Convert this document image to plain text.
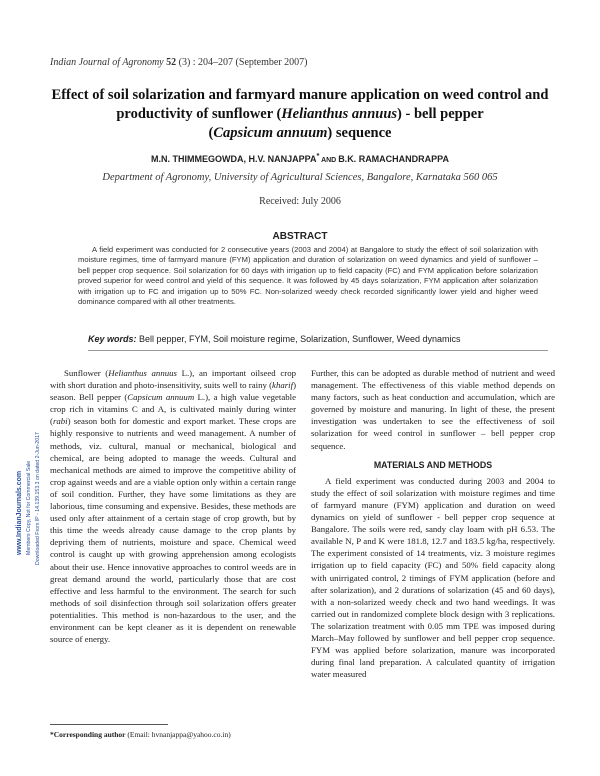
Indian Journal of Agronomy 52 (3) : 204–207 (September 2007)
Effect of soil solarization and farmyard manure application on weed control and
productivity of sunflower (Helianthus annuus) - bell pepper
(Capsicum annuum) sequence
M.N. THIMMEGOWDA, H.V. NANJAPPA* AND B.K. RAMACHANDRAPPA
Department of Agronomy, University of Agricultural Sciences, Bangalore, Karnataka 560 065
Received: July 2006
ABSTRACT
A field experiment was conducted for 2 consecutive years (2003 and 2004) at Bangalore to study the effect of soil solarization with moisture regimes, time of farmyard manure (FYM) application and duration of solarization on weed dynamics and yield of sunflower – bell pepper crop sequence. Soil solarization for 60 days with irrigation up to field capacity (FC) and FYM application before solarization proved superior for weed control and yield of this sequence. It was followed by 45 days solarization, FYM application after solarization with irrigation up to FC and irrigation up to 50% FC. Non-solarized weedy check recorded significantly lower yield and higher weed dominance compared with all other treatments.
Key words: Bell pepper, FYM, Soil moisture regime, Solarization, Sunflower, Weed dynamics
www.IndianJournals.com Members Copy, Not for Commercial Sale Downloaded From IP - 14.139.153.3 on dated 2-Jun-2017

Sunflower (Helianthus annuus L.), an important oilseed crop with short duration and photo-insensitivity, suits well to rainy (kharif) season. Bell pepper (Capsicum annuum L.), a high value vegetable crop rich in vitamins C and A, is cultivated mainly during winter (rabi) season both for domestic and export market. These crops are highly responsive to nutrients and weed management. A number of methods, viz. cultural, manual or mechanical, biological and chemical, are being adopted to manage the weeds. Cultural and mechanical methods are aimed to improve the competitive ability of crop against weeds and are a viable option only within a certain range of soil condition. Further, they have some limitations as they are laborious, time consuming and expensive. Besides, these methods are used only after attainment of a certain stage of crop growth, but by this time the weeds already cause damage to the crop plants by depriving them of nutrients, moisture and space. Chemical weed control is caught up with growing apprehension among ecologists about their use. Hence innovative approaches to control weeds are in great demand around the world, particularly those that are cost effective and less harmful to the environment. The search for such methods of soil disinfection through soil solarization offers greater potentialities. This method is non-hazardous to the user, and the environment can be kept cleaner as it is dependent on renewable source of energy.

Further, this can be adopted as durable method of nutrient and weed management. The effectiveness of this viable method depends on many factors, such as heat conduction and accumulation, which are governed by moisture and manuring. In light of these, the present investigation was undertaken to see the effectiveness of soil solarization for weed control in sunflower – bell pepper crop sequence.

MATERIALS AND METHODS

A field experiment was conducted during 2003 and 2004 to study the effect of soil solarization with moisture regimes and time of farmyard manure (FYM) application and duration on weed dynamics on yield of sunflower - bell pepper crop sequence at Bangalore. The soils were red, sandy clay loam with pH 6.53. The available N, P and K were 181.8, 12.7 and 183.5 kg/ha, respectively. The experiment consisted of 14 treatments, viz. 3 moisture regimes irrigation up to field capacity (FC) and 50% field capacity along with unirrigated control, 2 timings of FYM application (before and after solarization), and 2 durations of solarization (45 and 60 days), with a non-solarized weedy check and two hand weedings. It was carried out in randomized complete block design with 3 replications. The solarization treatment with 0.05 mm TPE was imposed during March–May followed by sunflower and bell pepper crop sequence. FYM was applied before solarization, manure was incorporated during final land preparation. A calculated quantity of irrigation water measured

*Corresponding author (Email: hvnanjappa@yahoo.co.in)
